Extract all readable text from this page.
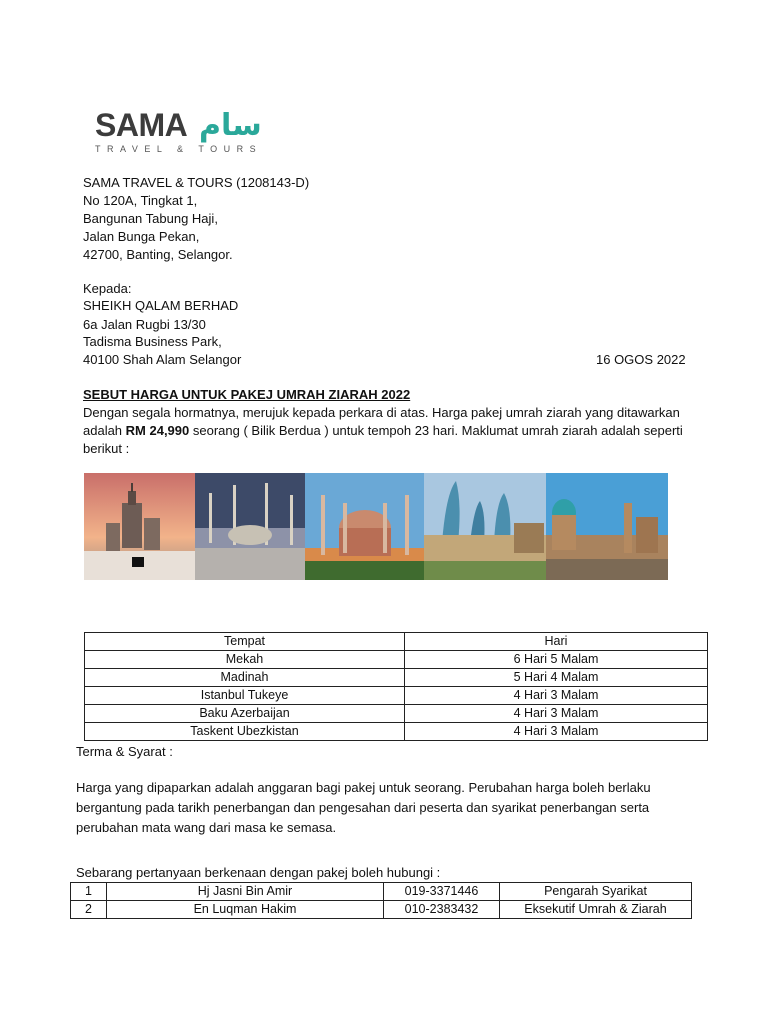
SAMA سام
TRAVEL & TOURS
SAMA TRAVEL & TOURS (1208143-D)
No 120A, Tingkat 1,
Bangunan Tabung Haji,
Jalan Bunga Pekan,
42700, Banting, Selangor.
Kepada:
SHEIKH QALAM BERHAD
6a Jalan Rugbi 13/30
Tadisma Business Park,
40100 Shah Alam Selangor	16 OGOS 2022
SEBUT HARGA UNTUK PAKEJ UMRAH ZIARAH 2022
Dengan segala hormatnya, merujuk kepada perkara di atas. Harga pakej umrah ziarah yang ditawarkan adalah RM 24,990 seorang ( Bilik Berdua ) untuk tempoh 23 hari. Maklumat umrah ziarah adalah seperti berikut :
Tempat	Hari
Mekah	6 Hari 5 Malam
Madinah	5 Hari 4 Malam
Istanbul Tukeye	4 Hari 3 Malam
Baku Azerbaijan	4 Hari 3 Malam
Taskent Ubezkistan	4 Hari 3 Malam
Terma & Syarat :
Harga yang dipaparkan adalah anggaran bagi pakej untuk seorang. Perubahan harga boleh berlaku bergantung pada tarikh penerbangan dan pengesahan dari peserta dan syarikat penerbangan serta perubahan mata wang dari masa ke semasa.
Sebarang pertanyaan berkenaan dengan pakej boleh hubungi :
1	Hj Jasni Bin Amir	019-3371446	Pengarah Syarikat
2	En Luqman Hakim	010-2383432	Eksekutif Umrah & Ziarah
